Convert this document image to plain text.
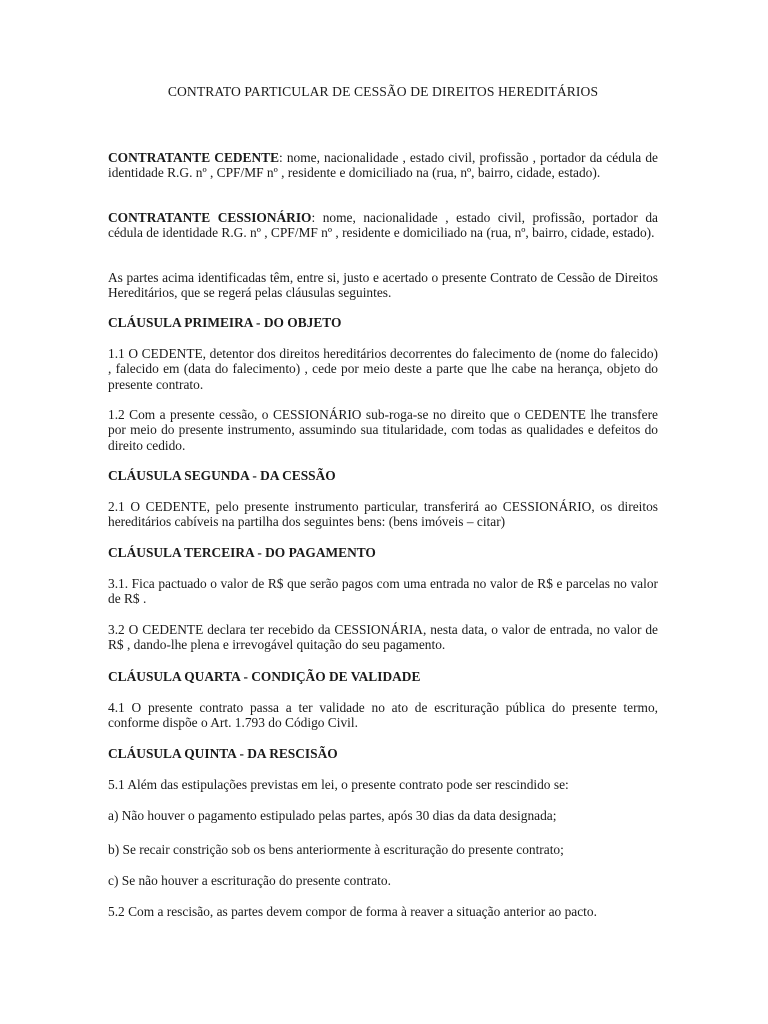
CONTRATO PARTICULAR DE CESSÃO DE DIREITOS HEREDITÁRIOS

CONTRATANTE CEDENTE: nome, nacionalidade , estado civil, profissão , portador da cédula de identidade R.G. nº , CPF/MF nº , residente e domiciliado na (rua, nº, bairro, cidade, estado).

CONTRATANTE CESSIONÁRIO: nome, nacionalidade , estado civil, profissão, portador da cédula de identidade R.G. nº , CPF/MF nº , residente e domiciliado na (rua, nº, bairro, cidade, estado).

As partes acima identificadas têm, entre si, justo e acertado o presente Contrato de Cessão de Direitos Hereditários, que se regerá pelas cláusulas seguintes.

CLÁUSULA PRIMEIRA - DO OBJETO

1.1 O CEDENTE, detentor dos direitos hereditários decorrentes do falecimento de (nome do falecido) , falecido em (data do falecimento) , cede por meio deste a parte que lhe cabe na herança, objeto do presente contrato.

1.2 Com a presente cessão, o CESSIONÁRIO sub-roga-se no direito que o CEDENTE lhe transfere por meio do presente instrumento, assumindo sua titularidade, com todas as qualidades e defeitos do direito cedido.

CLÁUSULA SEGUNDA - DA CESSÃO

2.1 O CEDENTE, pelo presente instrumento particular, transferirá ao CESSIONÁRIO, os direitos hereditários cabíveis na partilha dos seguintes bens: (bens imóveis – citar)

CLÁUSULA TERCEIRA - DO PAGAMENTO

3.1. Fica pactuado o valor de R$ que serão pagos com uma entrada no valor de R$ e parcelas no valor de R$ .

3.2 O CEDENTE declara ter recebido da CESSIONÁRIA, nesta data, o valor de entrada, no valor de R$ , dando-lhe plena e irrevogável quitação do seu pagamento.

CLÁUSULA QUARTA - CONDIÇÃO DE VALIDADE

4.1 O presente contrato passa a ter validade no ato de escrituração pública do presente termo, conforme dispõe o Art. 1.793 do Código Civil.

CLÁUSULA QUINTA - DA RESCISÃO

5.1 Além das estipulações previstas em lei, o presente contrato pode ser rescindido se:

a) Não houver o pagamento estipulado pelas partes, após 30 dias da data designada;

b) Se recair constrição sob os bens anteriormente à escrituração do presente contrato;

c) Se não houver a escrituração do presente contrato.

5.2 Com a rescisão, as partes devem compor de forma à reaver a situação anterior ao pacto.
